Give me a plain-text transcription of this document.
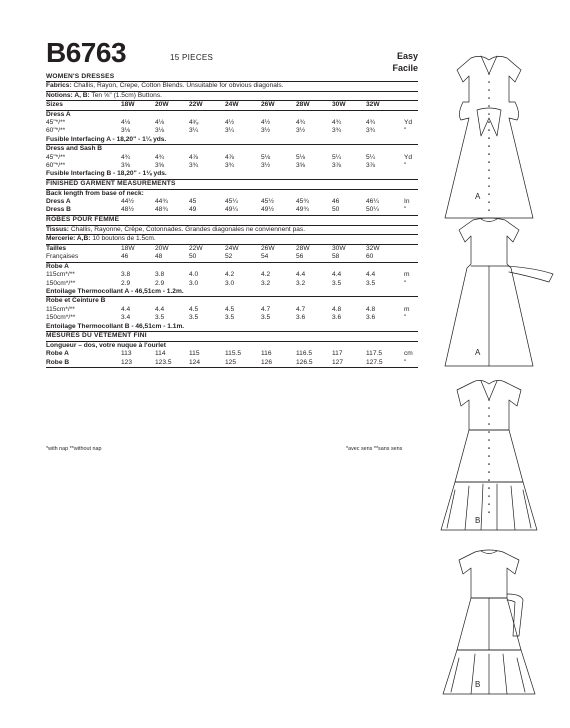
B6763	15 PIECES	Easy
Facile
WOMEN'S DRESSES
Fabrics: Challis, Rayon, Crepe, Cotton Blends. Unsuitable for obvious diagonals.
Notions: A, B: Ten ⅝" (1.5cm) Buttons.
Sizes	18W	20W	22W	24W	26W	28W	30W	32W
Dress A
45"*/**	4⅛	4⅛	4³⁄₈	4½	4½	4¾	4¾	4¾	Yd
60"*/**	3⅛	3⅛	3¼	3¼	3½	3½	3¾	3¾	"
Fusible Interfacing A - 18,20" - 1¼ yds.
Dress and Sash B
45"*/**	4¾	4¾	4⅞	4⅞	5⅛	5⅛	5¼	5¼	Yd
60"*/**	3⅝	3⅝	3¾	3¾	3½	3⅝	3⅞	3⅞	"
Fusible Interfacing B - 18,20" - 1⅛ yds.
FINISHED GARMENT MEASUREMENTS
Back length from base of neck:
Dress A	44½	44¾	45	45¼	45½	45¾	46	46¼	In
Dress B	48½	48¾	49	49¼	49½	49¾	50	50¼	"
ROBES POUR FEMME
Tissus: Challis, Rayonne, Crêpe, Cotonnades. Grandes diagonales ne conviennent pas.
Mercerie: A,B: 10 boutons de 1.5cm.
Tailles	18W	20W	22W	24W	26W	28W	30W	32W
Françaises	46	48	50	52	54	56	58	60
Robe A
115cm*/**	3.8	3.8	4.0	4.2	4.2	4.4	4.4	4.4	m
150cm*/**	2.9	2.9	3.0	3.0	3.2	3.2	3.5	3.5	"
Entoilage Thermocollant A - 46,51cm - 1.2m.
Robe et Ceinture B
115cm*/**	4.4	4.4	4.5	4.5	4.7	4.7	4.8	4.8	m
150cm*/**	3.4	3.5	3.5	3.5	3.5	3.6	3.6	3.6	"
Entoilage Thermocollant B - 46,51cm - 1.1m.
MESURES DU VÊTEMENT FINI
Longueur – dos, votre nuque à l'ourlet
Robe A	113	114	115	115.5	116	116.5	117	117.5	cm
Robe B	123	123.5	124	125	126	126.5	127	127.5	"
*with nap **without nap	*avec sens **sans sens
A
A
B
B
